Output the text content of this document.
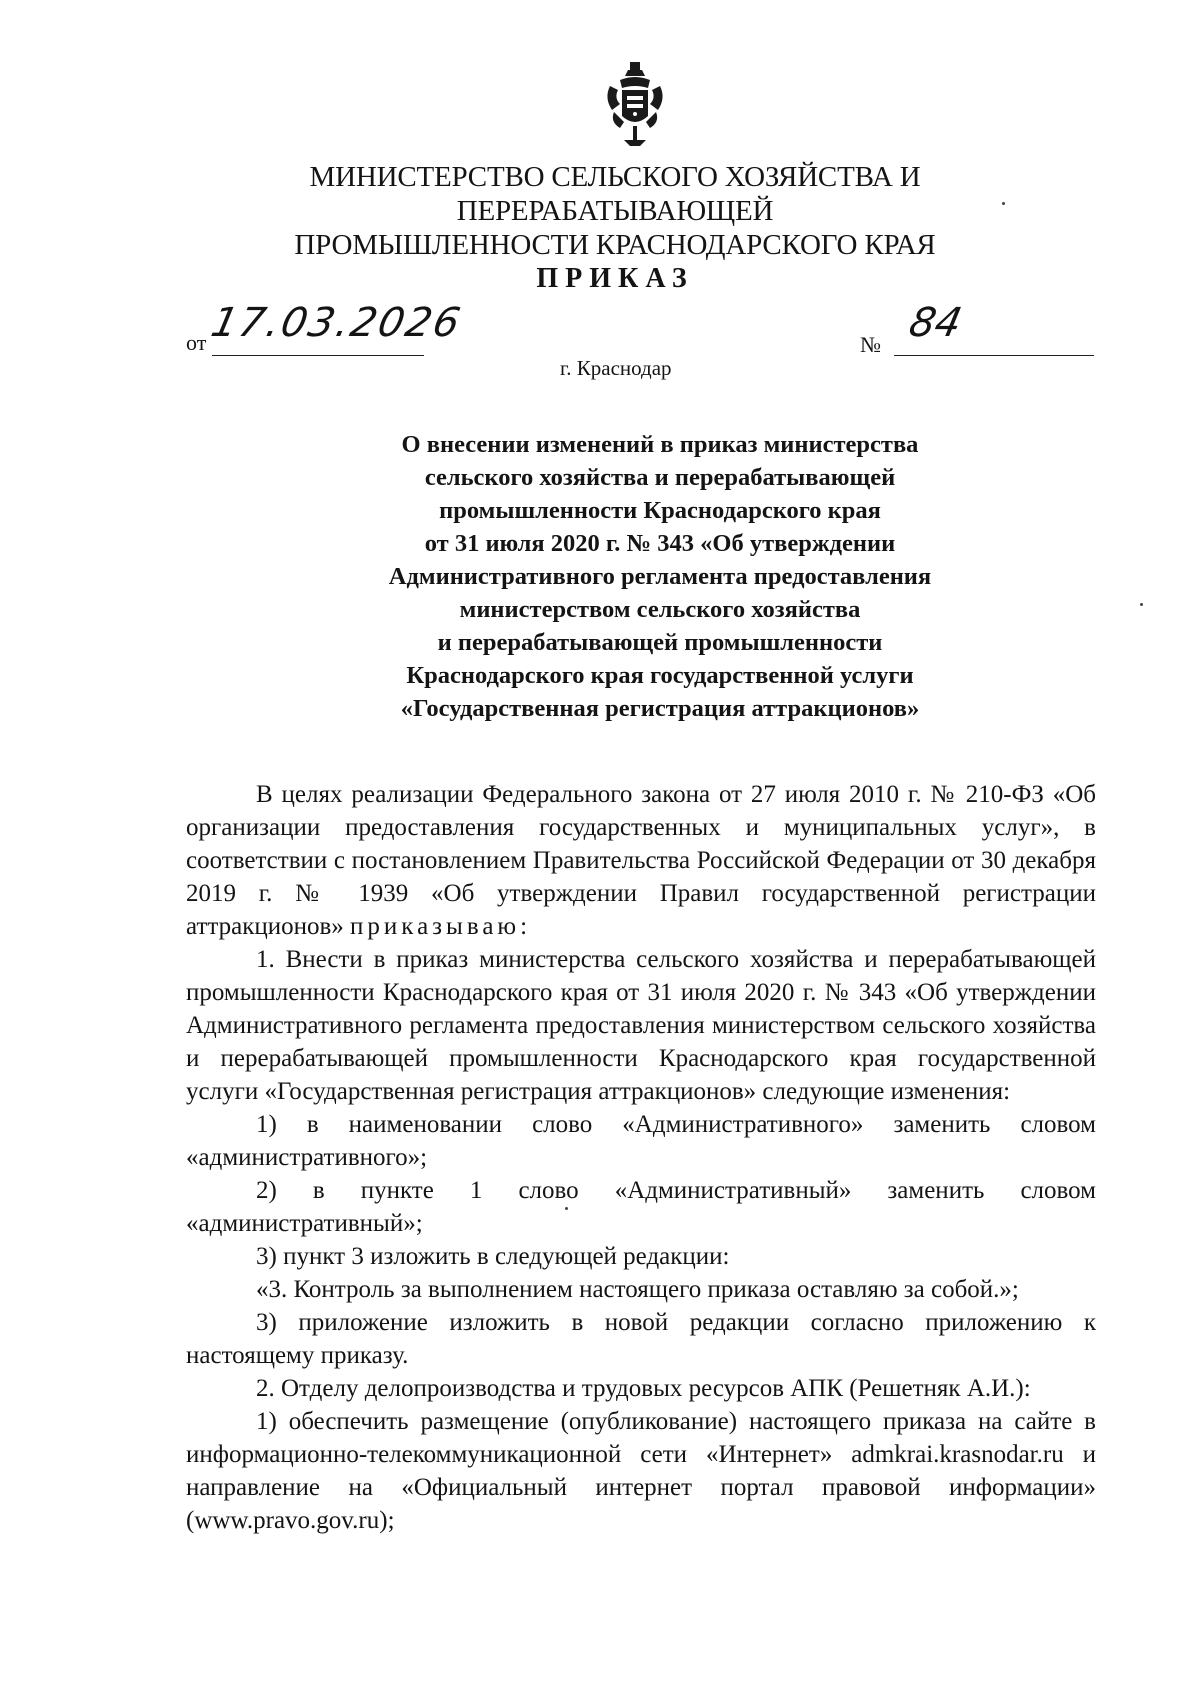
МИНИСТЕРСТВО СЕЛЬСКОГО ХОЗЯЙСТВА И ПЕРЕРАБАТЫВАЮЩЕЙ
ПРОМЫШЛЕННОСТИ КРАСНОДАРСКОГО КРАЯ
ПРИКАЗ
от 17.03.2026	№ 84
г. Краснодар
О внесении изменений в приказ министерства
сельского хозяйства и перерабатывающей
промышленности Краснодарского края
от 31 июля 2020 г. № 343 «Об утверждении
Административного регламента предоставления
министерством сельского хозяйства
и перерабатывающей промышленности
Краснодарского края государственной услуги
«Государственная регистрация аттракционов»

В целях реализации Федерального закона от 27 июля 2010 г. № 210-ФЗ «Об организации предоставления государственных и муниципальных услуг», в соответствии с постановлением Правительства Российской Федерации от 30 декабря 2019 г. № 1939 «Об утверждении Правил государственной регистрации аттракционов» приказываю:

1. Внести в приказ министерства сельского хозяйства и перерабатывающей промышленности Краснодарского края от 31 июля 2020 г. № 343 «Об утверждении Административного регламента предоставления министерством сельского хозяйства и перерабатывающей промышленности Краснодарского края государственной услуги «Государственная регистрация аттракционов» следующие изменения:

1) в наименовании слово «Административного» заменить словом «административного»;

2) в пункте 1 слово «Административный» заменить словом «административный»;

3) пункт 3 изложить в следующей редакции:

«3. Контроль за выполнением настоящего приказа оставляю за собой.»;

3) приложение изложить в новой редакции согласно приложению к настоящему приказу.

2. Отделу делопроизводства и трудовых ресурсов АПК (Решетняк А.И.):

1) обеспечить размещение (опубликование) настоящего приказа на сайте в информационно-телекоммуникационной сети «Интернет» admkrai.krasnodar.ru и направление на «Официальный интернет портал правовой информации» (www.pravo.gov.ru);
